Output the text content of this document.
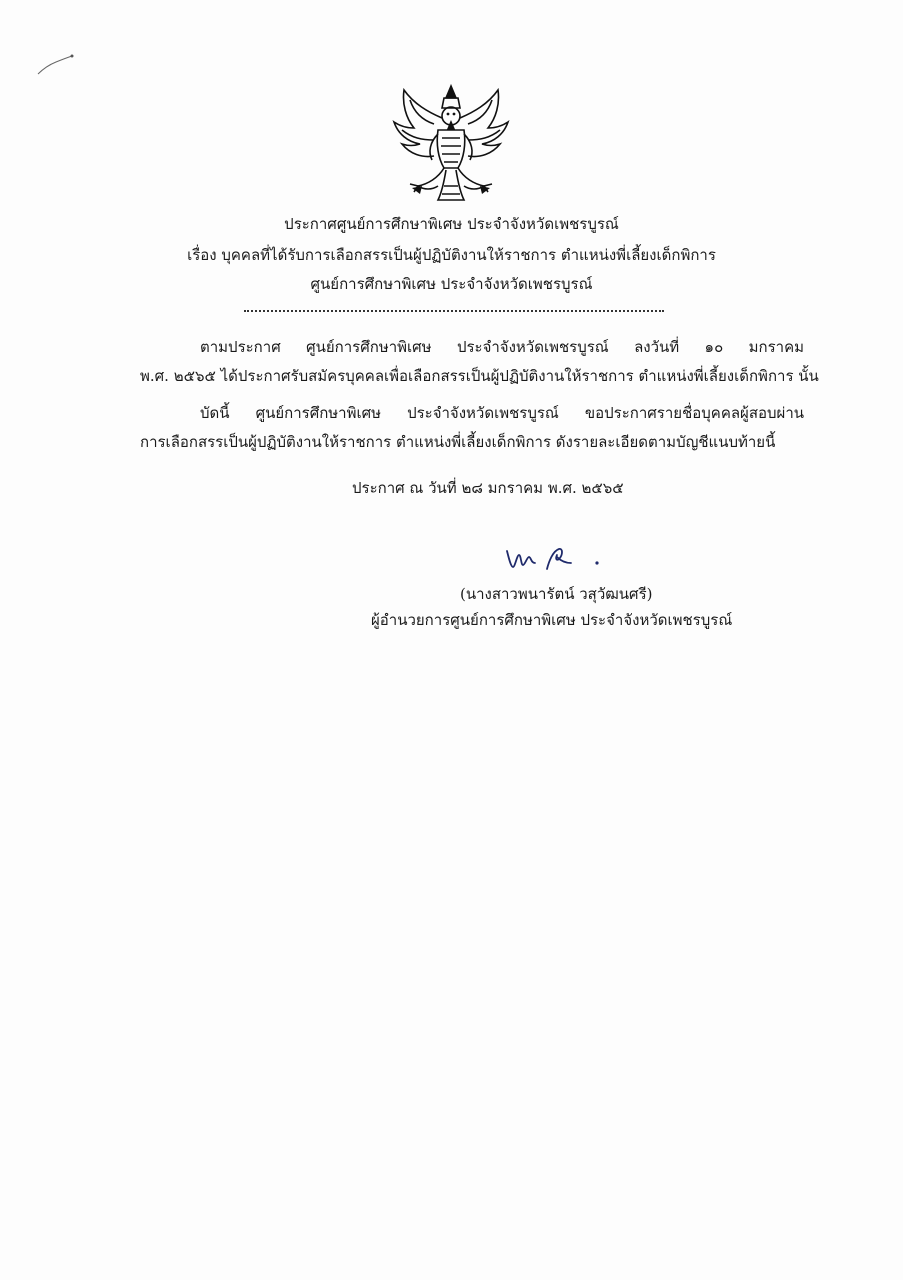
ประกาศศูนย์การศึกษาพิเศษ ประจำจังหวัดเพชรบูรณ์
เรื่อง บุคคลที่ได้รับการเลือกสรรเป็นผู้ปฏิบัติงานให้ราชการ ตำแหน่งพี่เลี้ยงเด็กพิการ
ศูนย์การศึกษาพิเศษ ประจำจังหวัดเพชรบูรณ์
ตามประกาศ ศูนย์การศึกษาพิเศษ ประจำจังหวัดเพชรบูรณ์ ลงวันที่ ๑๐ มกราคม
พ.ศ. ๒๕๖๕ ได้ประกาศรับสมัครบุคคลเพื่อเลือกสรรเป็นผู้ปฏิบัติงานให้ราชการ ตำแหน่งพี่เลี้ยงเด็กพิการ นั้น
บัดนี้ ศูนย์การศึกษาพิเศษ ประจำจังหวัดเพชรบูรณ์ ขอประกาศรายชื่อบุคคลผู้สอบผ่าน
การเลือกสรรเป็นผู้ปฏิบัติงานให้ราชการ ตำแหน่งพี่เลี้ยงเด็กพิการ ดังรายละเอียดตามบัญชีแนบท้ายนี้
ประกาศ ณ วันที่ ๒๘ มกราคม พ.ศ. ๒๕๖๕
(นางสาวพนารัตน์ วสุวัฒนศรี)
ผู้อำนวยการศูนย์การศึกษาพิเศษ ประจำจังหวัดเพชรบูรณ์
